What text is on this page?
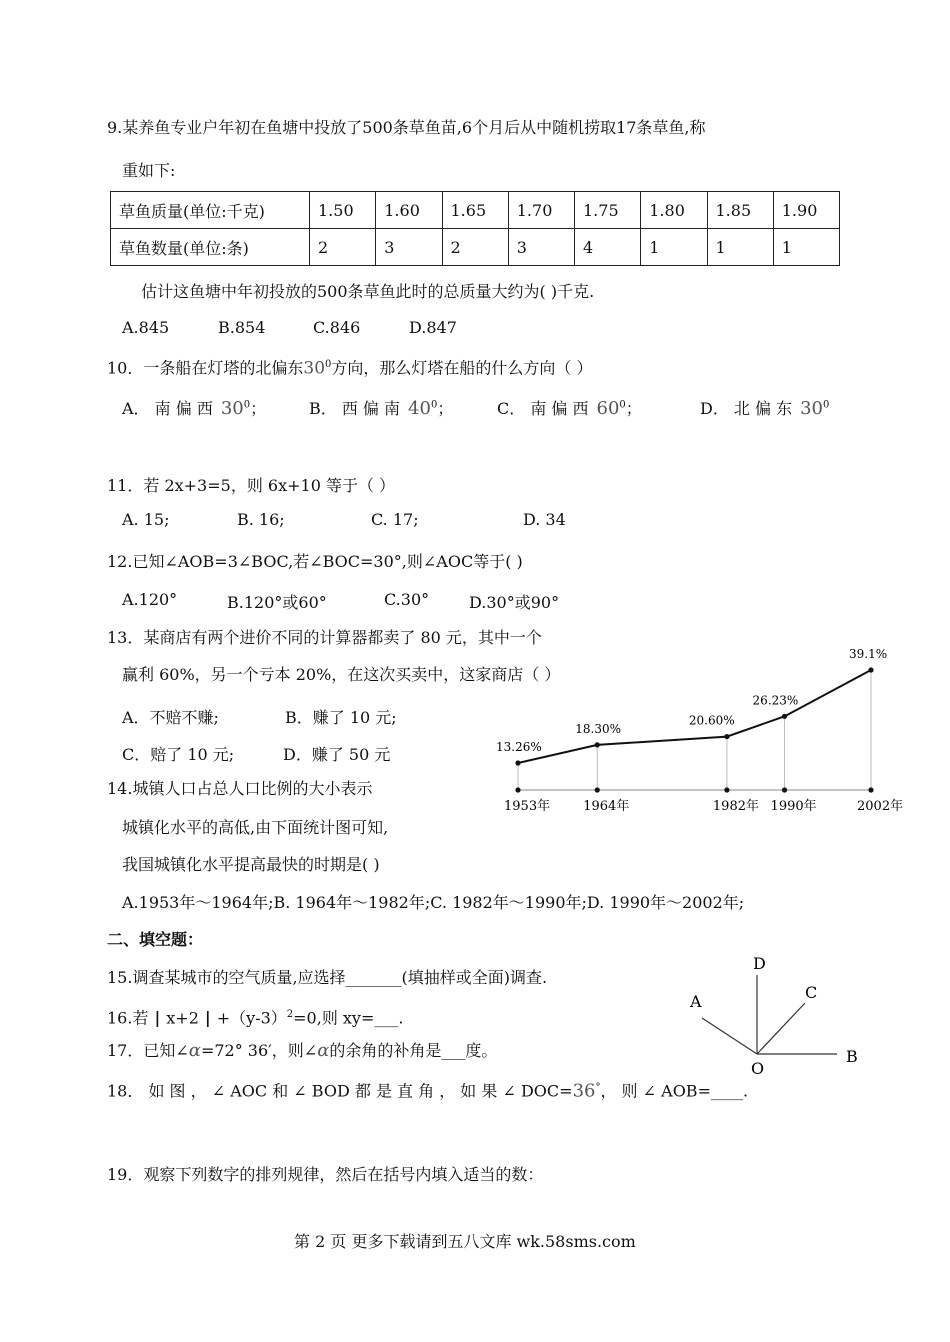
9.某养鱼专业户年初在鱼塘中投放了500条草鱼苗,6个月后从中随机捞取17条草鱼,称
重如下:
草鱼质量(单位:千克)	1.50	1.60	1.65	1.70	1.75	1.80	1.85	1.90
草鱼数量(单位:条)	2	3	2	3	4	1	1	1
估计这鱼塘中年初投放的500条草鱼此时的总质量大约为( )千克.
A.845	B.854	C.846	D.847
10．一条船在灯塔的北偏东$30^0$方向，那么灯塔在船的什么方向（ ）
A． 南 偏 西 $30^0$；	B． 西 偏 南 $40^0$；	C． 南 偏 西 $60^0$；	D． 北 偏 东 $30^0$
11．若 2x+3=5，则 6x+10 等于（ ）
A. 15;	B. 16;	C. 17;	D. 34
12.已知∠AOB=3∠BOC,若∠BOC=30°,则∠AOC等于( )
A.120°	B.120°或60°	C.30° D.30°或90°
13．某商店有两个进价不同的计算器都卖了 80 元，其中一个
赢利 60%，另一个亏本 20%，在这次买卖中，这家商店（ ）
A．不赔不赚;	B．赚了 10 元;
C．赔了 10 元;	D．赚了 50 元
14.城镇人口占总人口比例的大小表示
城镇化水平的高低,由下面统计图可知,
我国城镇化水平提高最快的时期是( )
A.1953年～1964年;B. 1964年～1982年;C. 1982年～1990年;D. 1990年～2002年;
13.26%
1953年
18.30%
1964年
20.60%
1982年
26.23%
1990年
39.1%
2002年
二、填空题：
15.调查某城市的空气质量,应选择_______(填抽样或全面)调查.
16.若 | x+2 | $+(y-3)^2=0$,则 xy=___.
17．已知∠α=72° 36′，则∠α的余角的补角是___度。
18． 如 图 ， ∠ AOC 和 ∠ BOD 都 是 直 角 ， 如 果 ∠ DOC=36°， 则 ∠ AOB=____.
D
A	C
B
O
19．观察下列数字的排列规律，然后在括号内填入适当的数：
第 2 页 更多下载请到五八文库 wk.58sms.com
